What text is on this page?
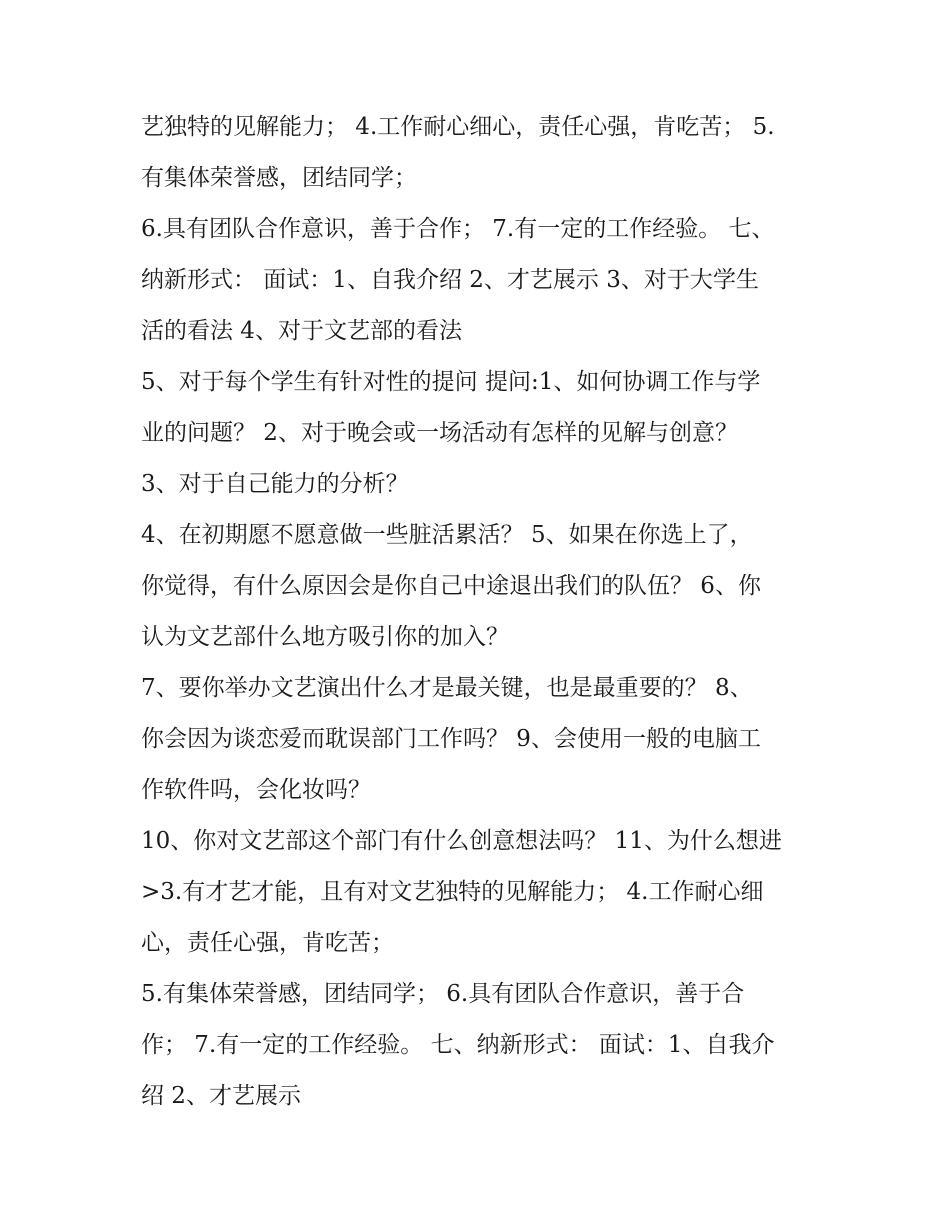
艺独特的见解能力； 4.工作耐心细心，责任心强，肯吃苦； 5.
有集体荣誉感，团结同学；
6.具有团队合作意识，善于合作； 7.有一定的工作经验。 七、
纳新形式： 面试：1、自我介绍 2、才艺展示 3、对于大学生
活的看法 4、对于文艺部的看法
5、对于每个学生有针对性的提问 提问:1、如何协调工作与学
业的问题？ 2、对于晚会或一场活动有怎样的见解与创意？
3、对于自己能力的分析？
4、在初期愿不愿意做一些脏活累活？ 5、如果在你选上了，
你觉得，有什么原因会是你自己中途退出我们的队伍？ 6、你
认为文艺部什么地方吸引你的加入？
7、要你举办文艺演出什么才是最关键，也是最重要的？ 8、
你会因为谈恋爱而耽误部门工作吗？ 9、会使用一般的电脑工
作软件吗，会化妆吗？
10、你对文艺部这个部门有什么创意想法吗？ 11、为什么想进
>3.有才艺才能，且有对文艺独特的见解能力； 4.工作耐心细
心，责任心强，肯吃苦；
5.有集体荣誉感，团结同学； 6.具有团队合作意识，善于合
作； 7.有一定的工作经验。 七、纳新形式： 面试：1、自我介
绍 2、才艺展示
